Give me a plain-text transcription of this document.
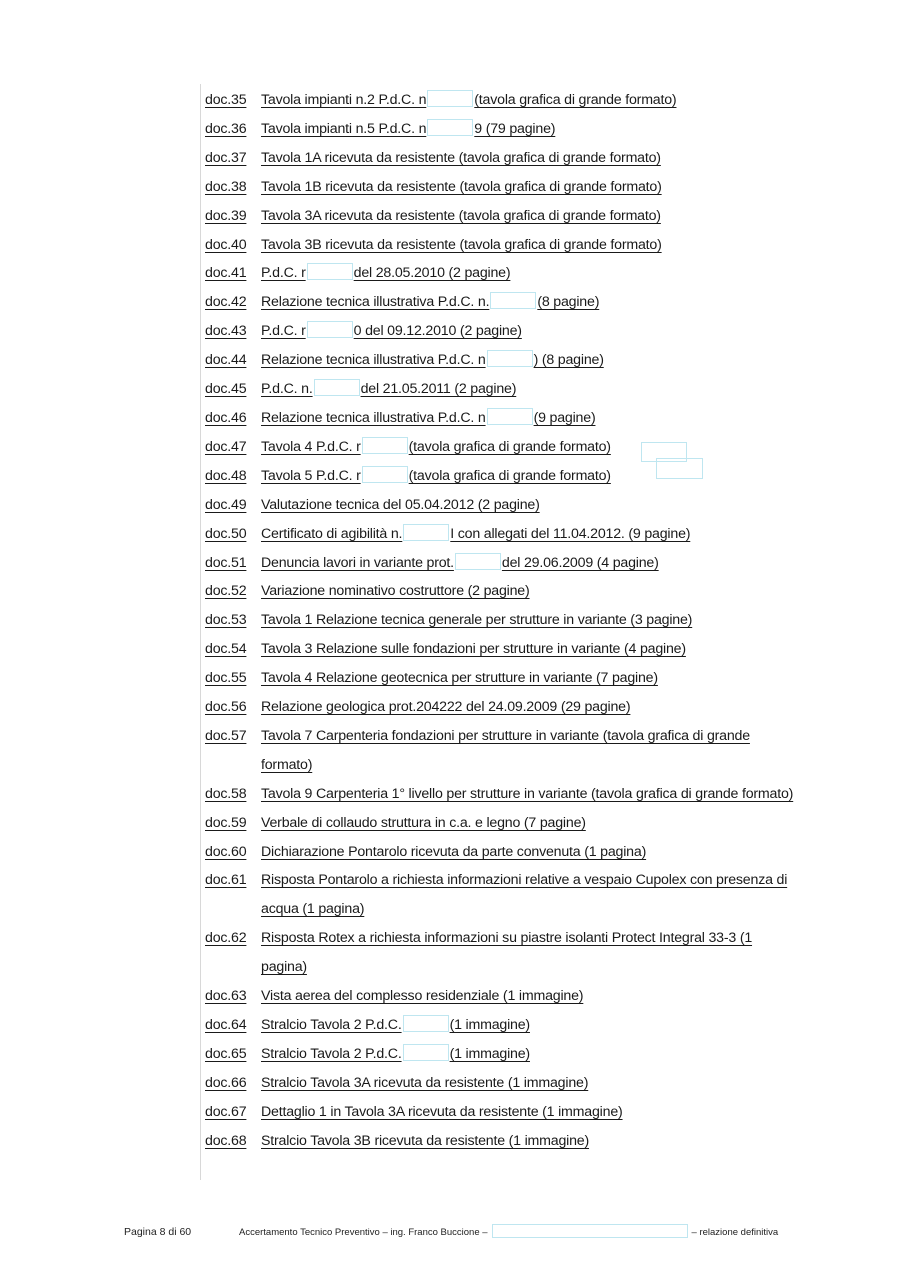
doc.35	Tavola impianti n.2 P.d.C. n	(tavola grafica di grande formato)
doc.36	Tavola impianti n.5 P.d.C. n	9 (79 pagine)
doc.37	Tavola 1A ricevuta da resistente (tavola grafica di grande formato)
doc.38	Tavola 1B ricevuta da resistente (tavola grafica di grande formato)
doc.39	Tavola 3A ricevuta da resistente (tavola grafica di grande formato)
doc.40	Tavola 3B ricevuta da resistente (tavola grafica di grande formato)
doc.41	P.d.C. r	del 28.05.2010 (2 pagine)
doc.42	Relazione tecnica illustrativa P.d.C. n.	(8 pagine)
doc.43	P.d.C. r	0 del 09.12.2010 (2 pagine)
doc.44	Relazione tecnica illustrativa P.d.C. n	) (8 pagine)
doc.45	P.d.C. n.	del 21.05.2011 (2 pagine)
doc.46	Relazione tecnica illustrativa P.d.C. n	(9 pagine)
doc.47	Tavola 4 P.d.C. r	(tavola grafica di grande formato)
doc.48	Tavola 5 P.d.C. r	(tavola grafica di grande formato)
doc.49	Valutazione tecnica del 05.04.2012 (2 pagine)
doc.50	Certificato di agibilità n.	I con allegati del 11.04.2012. (9 pagine)
doc.51	Denuncia lavori in variante prot.	del 29.06.2009 (4 pagine)
doc.52	Variazione nominativo costruttore (2 pagine)
doc.53	Tavola 1 Relazione tecnica generale per strutture in variante (3 pagine)
doc.54	Tavola 3 Relazione sulle fondazioni per strutture in variante (4 pagine)
doc.55	Tavola 4 Relazione geotecnica per strutture in variante (7 pagine)
doc.56	Relazione geologica prot.204222 del 24.09.2009 (29 pagine)
doc.57	Tavola 7 Carpenteria fondazioni per strutture in variante (tavola grafica di grande formato)
doc.58	Tavola 9 Carpenteria 1° livello per strutture in variante (tavola grafica di grande formato)
doc.59	Verbale di collaudo struttura in c.a. e legno (7 pagine)
doc.60	Dichiarazione Pontarolo ricevuta da parte convenuta (1 pagina)
doc.61	Risposta Pontarolo a richiesta informazioni relative a vespaio Cupolex con presenza di acqua (1 pagina)
doc.62	Risposta Rotex a richiesta informazioni su piastre isolanti Protect Integral 33-3 (1 pagina)
doc.63	Vista aerea del complesso residenziale (1 immagine)
doc.64	Stralcio Tavola 2 P.d.C.	(1 immagine)
doc.65	Stralcio Tavola 2 P.d.C.	(1 immagine)
doc.66	Stralcio Tavola 3A ricevuta da resistente (1 immagine)
doc.67	Dettaglio 1 in Tavola 3A ricevuta da resistente (1 immagine)
doc.68	Stralcio Tavola 3B ricevuta da resistente (1 immagine)
Pagina 8 di 60	Accertamento Tecnico Preventivo – ing. Franco Buccione –	– relazione definitiva
